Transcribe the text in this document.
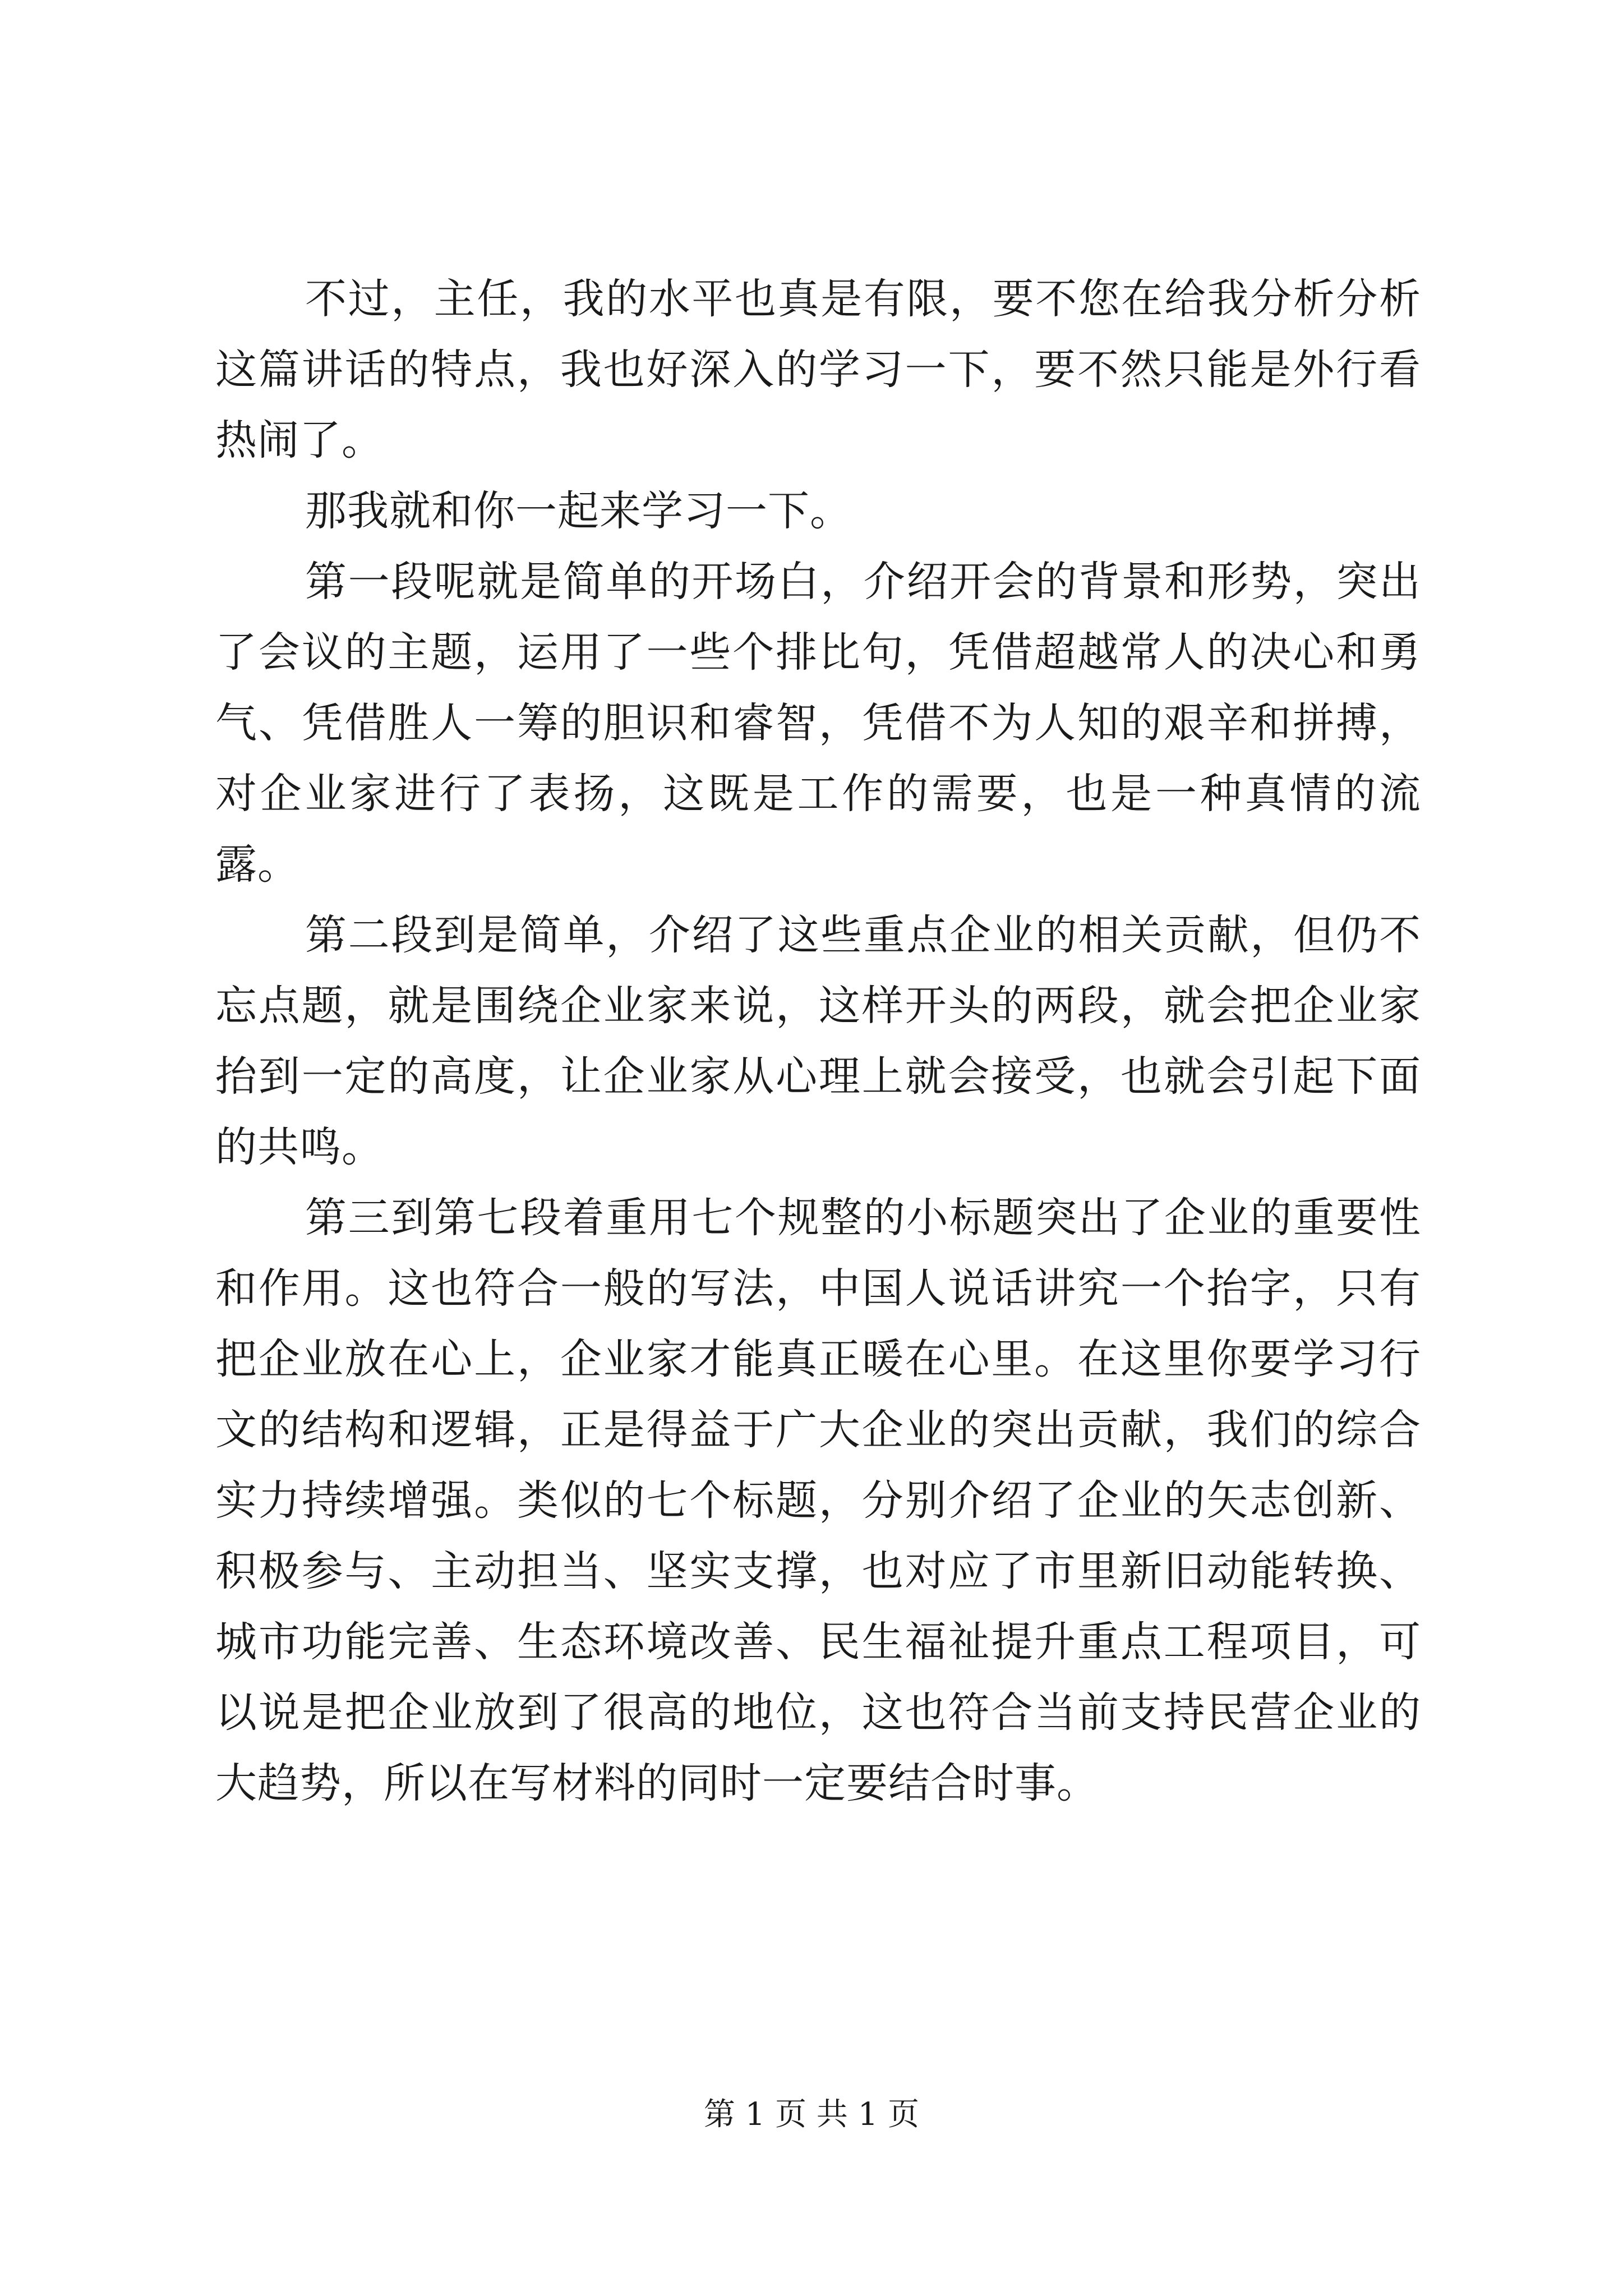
不过，主任，我的水平也真是有限，要不您在给我分析分析这篇讲话的特点，我也好深入的学习一下，要不然只能是外行看热闹了。

那我就和你一起来学习一下。

第一段呢就是简单的开场白，介绍开会的背景和形势，突出了会议的主题，运用了一些个排比句，凭借超越常人的决心和勇气、凭借胜人一筹的胆识和睿智，凭借不为人知的艰辛和拼搏，对企业家进行了表扬，这既是工作的需要，也是一种真情的流露。

第二段到是简单，介绍了这些重点企业的相关贡献，但仍不忘点题，就是围绕企业家来说，这样开头的两段，就会把企业家抬到一定的高度，让企业家从心理上就会接受，也就会引起下面的共鸣。

第三到第七段着重用七个规整的小标题突出了企业的重要性和作用。这也符合一般的写法，中国人说话讲究一个抬字，只有把企业放在心上，企业家才能真正暖在心里。在这里你要学习行文的结构和逻辑，正是得益于广大企业的突出贡献，我们的综合实力持续增强。类似的七个标题，分别介绍了企业的矢志创新、积极参与、主动担当、坚实支撑，也对应了市里新旧动能转换、城市功能完善、生态环境改善、民生福祉提升重点工程项目，可以说是把企业放到了很高的地位，这也符合当前支持民营企业的大趋势，所以在写材料的同时一定要结合时事。

第 1 页 共 1 页
